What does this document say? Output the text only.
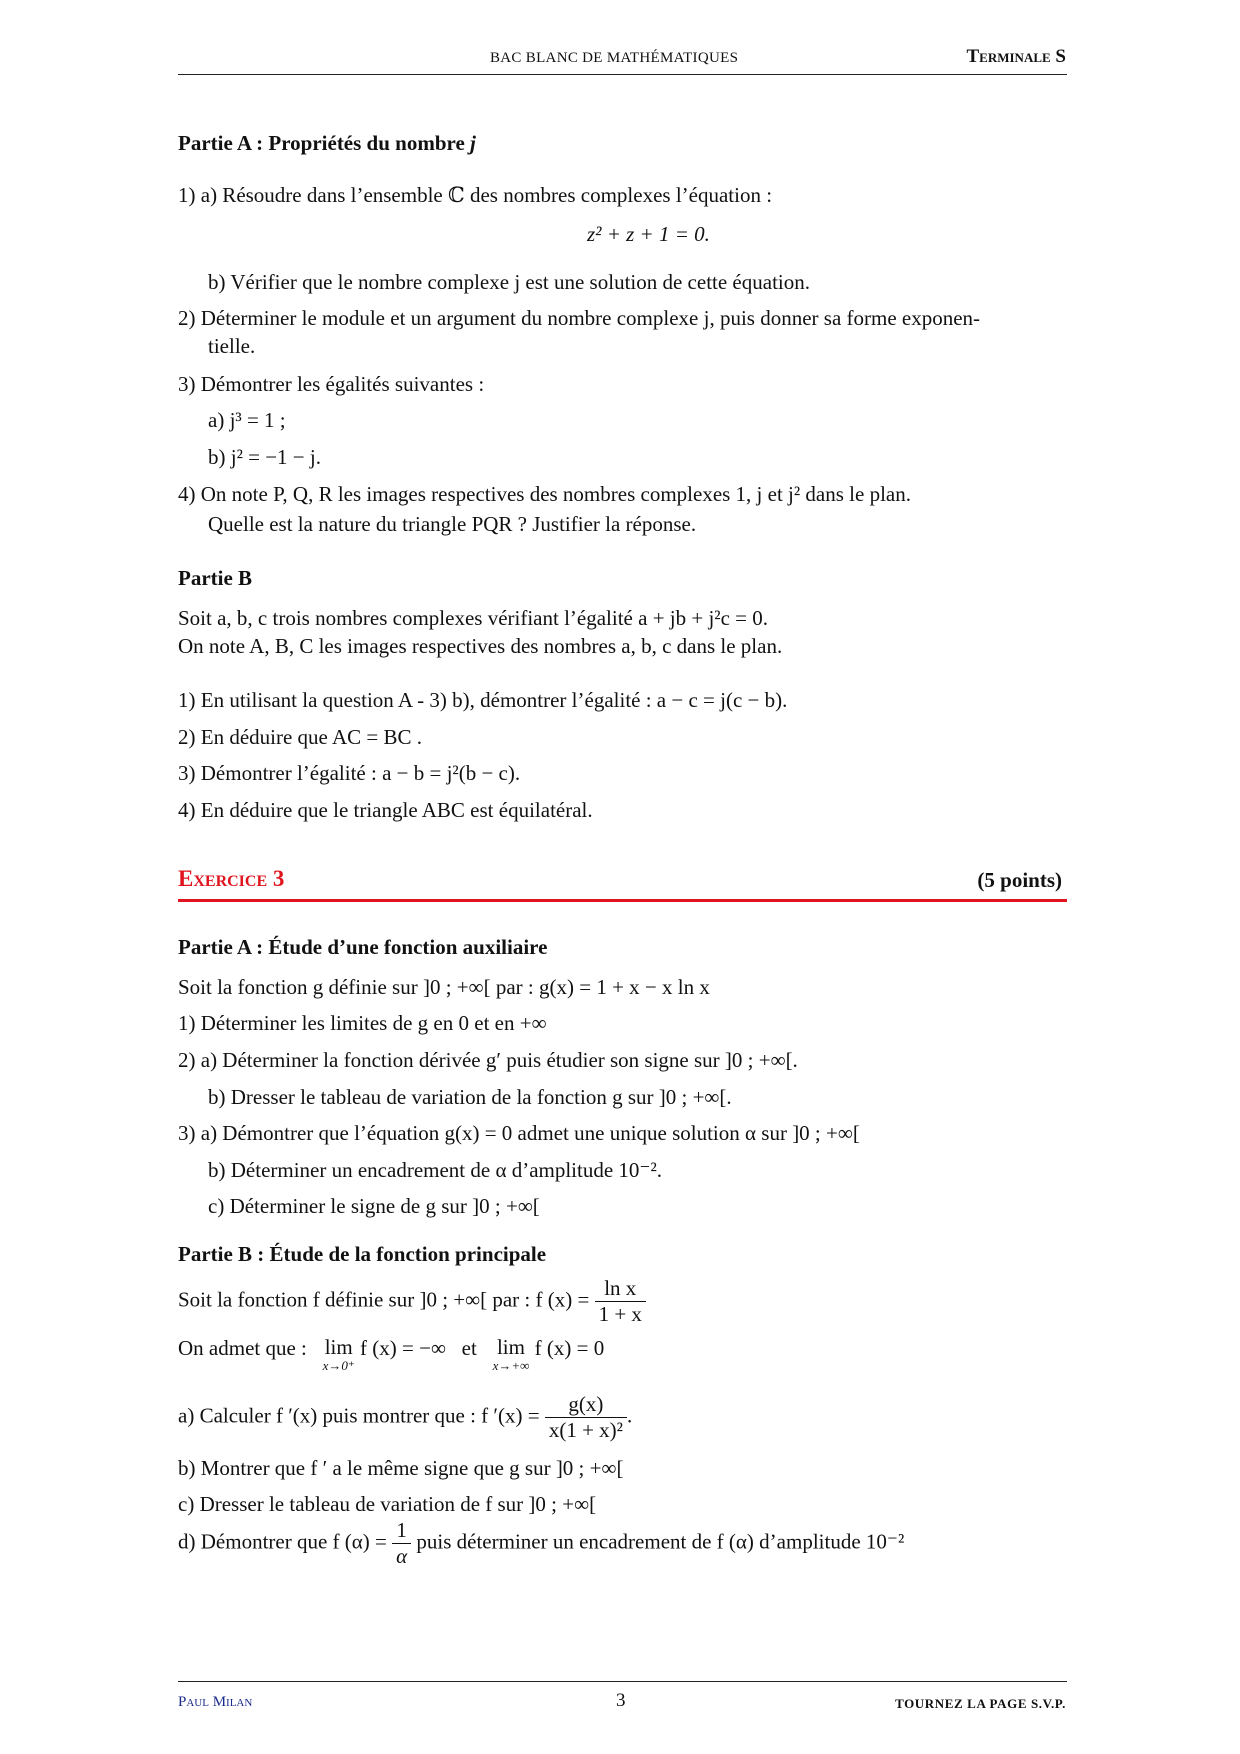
BAC BLANC DE MATHÉMATIQUES	Terminale S
Partie A : Propriétés du nombre j
1) a) Résoudre dans l’ensemble ℂ des nombres complexes l’équation :
z² + z + 1 = 0.
b) Vérifier que le nombre complexe j est une solution de cette équation.
2) Déterminer le module et un argument du nombre complexe j, puis donner sa forme exponen-
tielle.
3) Démontrer les égalités suivantes :
a) j³ = 1 ;
b) j² = −1 − j.
4) On note P, Q, R les images respectives des nombres complexes 1, j et j² dans le plan.
Quelle est la nature du triangle PQR ? Justifier la réponse.
Partie B
Soit a, b, c trois nombres complexes vérifiant l’égalité a + jb + j²c = 0.
On note A, B, C les images respectives des nombres a, b, c dans le plan.
1) En utilisant la question A - 3) b), démontrer l’égalité : a − c = j(c − b).
2) En déduire que AC = BC .
3) Démontrer l’égalité : a − b = j²(b − c).
4) En déduire que le triangle ABC est équilatéral.
Exercice 3	(5 points)
Partie A : Étude d’une fonction auxiliaire
Soit la fonction g définie sur ]0 ; +∞[ par : g(x) = 1 + x − x ln x
1) Déterminer les limites de g en 0 et en +∞
2) a) Déterminer la fonction dérivée g′ puis étudier son signe sur ]0 ; +∞[.
b) Dresser le tableau de variation de la fonction g sur ]0 ; +∞[.
3) a) Démontrer que l’équation g(x) = 0 admet une unique solution α sur ]0 ; +∞[
b) Déterminer un encadrement de α d’amplitude 10⁻².
c) Déterminer le signe de g sur ]0 ; +∞[
Partie B : Étude de la fonction principale
Soit la fonction f définie sur ]0 ; +∞[ par : f $(x) = \frac{\text{ln x}}{1 + x}$
On admet que : lim
x→0⁺
f (x) = −∞ et lim
x→+∞
f (x) = 0
a) Calculer f ′(x) puis montrer que : f $'(x) = \frac{g(x)}{\text{x(1 + x)²}}$ .
b) Montrer que f ′ a le même signe que g sur ]0 ; +∞[
c) Dresser le tableau de variation de f sur ]0 ; +∞[
d) Démontrer que f $(\alpha) = \frac{1}{\alpha}$ puis déterminer un encadrement de f (α) d’amplitude 10⁻²
Paul Milan	3	TOURNEZ LA PAGE S.V.P.
